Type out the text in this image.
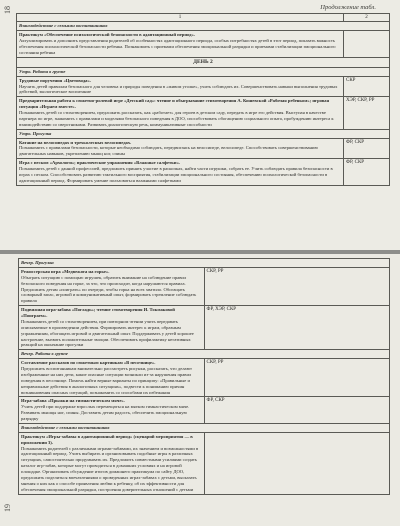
18	Продолжение табл.
1	2

Взаимодействие с семьями воспитанников	

Практикум «Обеспечение психологической безопасности в адаптационный период».
Актуализировать и дополнить представления родителей об особенностях адаптационного периода, особых потребностях детей в этот период, показать важность обеспечения психологической безопасности ребенка. Познакомить с приемами обеспечения эмоциональной разрядки и приемами стабилизации эмоционального состояния ребенка	

ДЕНЬ 2	

Утро. Работа в группе	

Трудовые поручения «Цветовода».
Научить детей правилам безопасного для человека и природы поведения в «живом уголке», учить соблюдать их. Совершенствовать навыки выполнения трудовых действий, экологическое воспитание	СКР

Предварительная работа к сюжетно-ролевой игре «Детский сад»: чтение и обыгрывание стихотворения А. Кошевской «Рабочая ребенком»; игровая ситуация «Играем вместе».
Познакомить детей со стихотворением, предложить рассказать, как «работает» для героев в детском саду, передать в игре его действия. Выступая в качестве партнера по игре, знакомить с правилами и моделями безопасного поведения в ДОО, способствовать обогащению социального опыта, пробуждению интереса к взаимодействию со сверстниками. Развивать диалогическую речь, коммуникативные способности	ХЭР, СКР, РР

Утро. Прогулка	

Катание на велосипедах и трехколесных велосипедах.
Познакомить с правилами безопасности, которые необходимо соблюдать, передвигаясь на велосипеде, велосипеде. Способствовать совершенствованию двигательных навыков, укреплению мышц ног, спины	ФР, СКР

Игра с песком «Архологи»; практические упражнения «Влажные салфетки».
Познакомить детей с данной профессией, предложить принять участие в раскопках, найти части игрушки, собрать ее. Учить соблюдать правила безопасности в играх с песком. Способствовать развитию тактильного восприятия, стабилизации эмоционального состояния, обеспечению психологической безопасности в адаптационный период. Формировать умение пользоваться влажными салфетками	ФР, СКР
19
Вечер. Прогулка	

Режиссерская игра «Медвежата на горке».
Обыграть ситуацию с помощью игрушек, обратить внимание на соблюдение правил безопасного поведения на горке, за что, что происходит, когда нарушаются правила. Предложить детям «поиграть» по очереди, чтобы горка на всех хватило. Обогащать словарный запас, игровой и коммуникативный опыт, формировать стремление соблюдать правила	СКР, РР

Подвижная игра-забава «Погладь»; чтение стихотворения И. Токмаковой «Поиграем».
Познакомить детей со стихотворением, при повторном чтении учить передавать описываемые в произведении действия. Формировать интерес к играм, образным упражнениям, обогащать игровой и двигательный опыт. Поддерживать у детей хорошее настроение, вызвать положительные эмоции. Обеспечивать профилактику негативных реакций на окончание прогулки	ФР, ХЭР, СКР

Вечер. Работа в группе	

Составление рассказов по сюжетным картинкам «В песочнице».
Предложить воспитанникам внимательно рассмотреть рисунки, рассказать, что делают изображенные на них дети, какие опасные ситуации возникли из-за нарушения правил поведения в песочнице. Помочь найти верные варианты по принципу: «Правильные и неправильные действия в аналогичных ситуациях», подвести к пониманию причин возникновения опасных ситуаций, познакомить со способами их избежания	СКР, РР

Игра-забава «Прыжки на гимнастическом мяче».
Учить детей при поддержке взрослых перемещаться на мягком гимнастическом мяче. Развивать мышцы ног, спины. Доставить детям радость, обеспечить эмоциональную разрядку	ФР, СКР

Взаимодействие с семьями воспитанников	

Практикум «Игры-забавы в адаптационный период» (сценарий мероприятия — в приложении 3).
Познакомить родителей с различными играми-забавами, их значением и возможностями в адаптационный период. Учить выбирать и организовывать подобные игры в различных ситуациях, самостоятельно придумывать их. Предложить совместными усилиями создать каталог игр-забав, которые могут проводиться в домашних условиях и на игровой площадке. Организовать обсуждение итогов домашнего практикума по сайту ДОО, предложить поделиться впечатлениями о проведенных играх-забавах с детьми, высказать мнения о них как о способе проявления любви к ребенку, об их эффективности для обеспечения эмоциональной разрядки, построения доверительных отношений с детьми	
